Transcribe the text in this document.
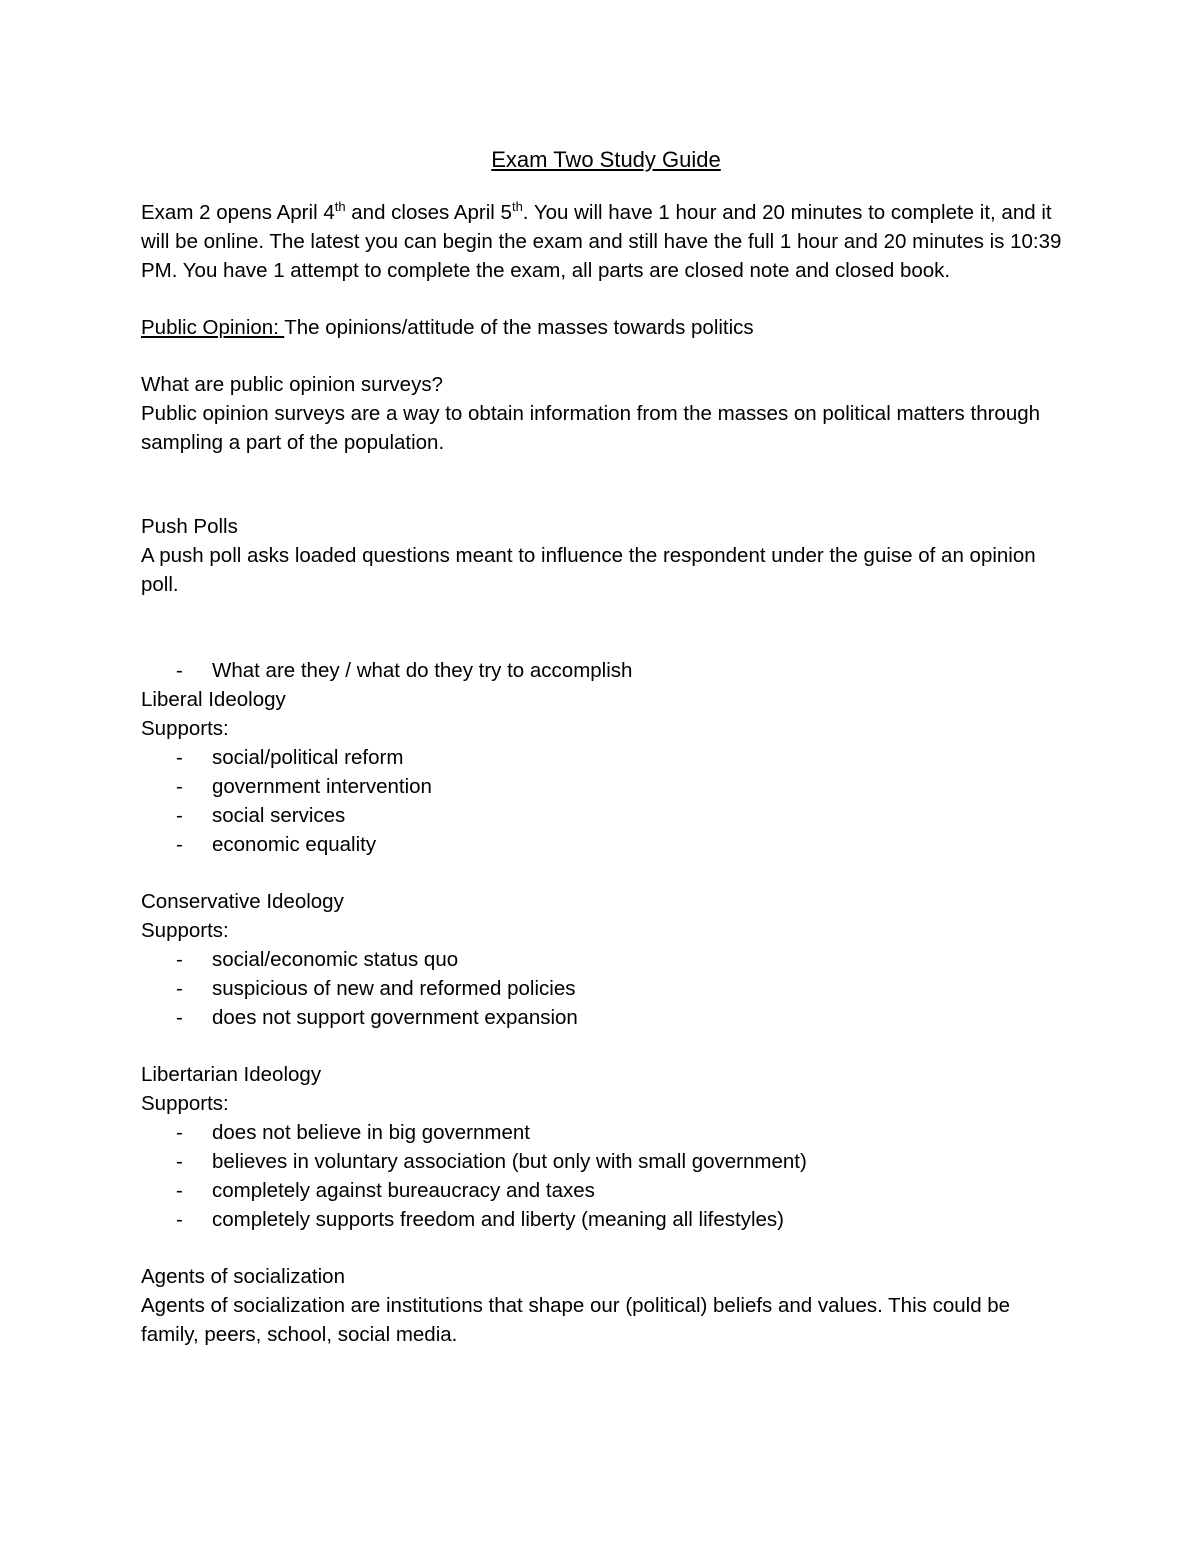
Exam Two Study Guide

Exam 2 opens April 4th and closes April 5th. You will have 1 hour and 20 minutes to complete it, and it will be online. The latest you can begin the exam and still have the full 1 hour and 20 minutes is 10:39 PM. You have 1 attempt to complete the exam, all parts are closed note and closed book.

Public Opinion: The opinions/attitude of the masses towards politics

What are public opinion surveys?

Public opinion surveys are a way to obtain information from the masses on political matters through sampling a part of the population.

Push Polls

A push poll asks loaded questions meant to influence the respondent under the guise of an opinion poll.

- What are they / what do they try to accomplish

Liberal Ideology

Supports:

- social/political reform
- government intervention
- social services
- economic equality

Conservative Ideology

Supports:

- social/economic status quo
- suspicious of new and reformed policies
- does not support government expansion

Libertarian Ideology

Supports:

- does not believe in big government
- believes in voluntary association (but only with small government)
- completely against bureaucracy and taxes
- completely supports freedom and liberty (meaning all lifestyles)

Agents of socialization

Agents of socialization are institutions that shape our (political) beliefs and values. This could be family, peers, school, social media.
